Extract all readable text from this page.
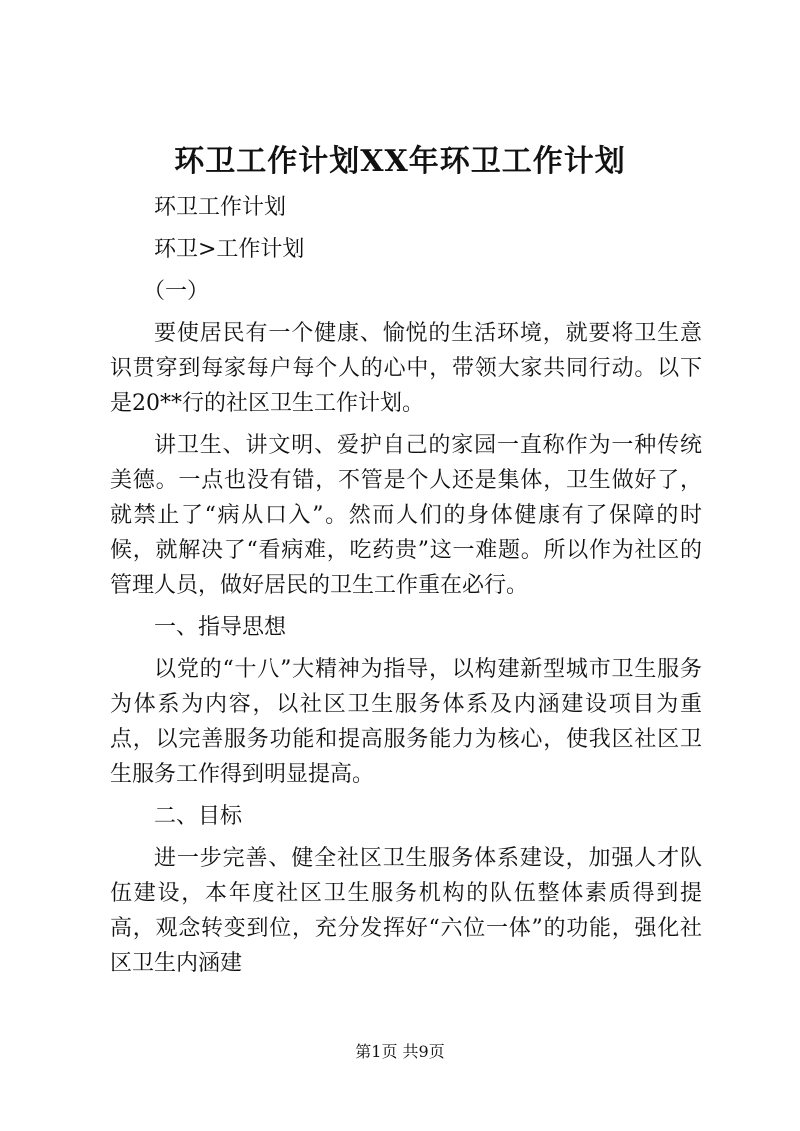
环卫工作计划XX年环卫工作计划

环卫工作计划

环卫>工作计划

（一）

要使居民有一个健康、愉悦的生活环境，就要将卫生意识贯穿到每家每户每个人的心中，带领大家共同行动。以下是20**行的社区卫生工作计划。

讲卫生、讲文明、爱护自己的家园一直称作为一种传统美德。一点也没有错，不管是个人还是集体，卫生做好了，就禁止了“病从口入”。然而人们的身体健康有了保障的时候，就解决了“看病难，吃药贵”这一难题。所以作为社区的管理人员，做好居民的卫生工作重在必行。

一、指导思想

以党的“十八”大精神为指导，以构建新型城市卫生服务为体系为内容，以社区卫生服务体系及内涵建设项目为重点，以完善服务功能和提高服务能力为核心，使我区社区卫生服务工作得到明显提高。

二、目标

进一步完善、健全社区卫生服务体系建设，加强人才队伍建设，本年度社区卫生服务机构的队伍整体素质得到提高，观念转变到位，充分发挥好“六位一体”的功能，强化社区卫生内涵建

第1页 共9页
